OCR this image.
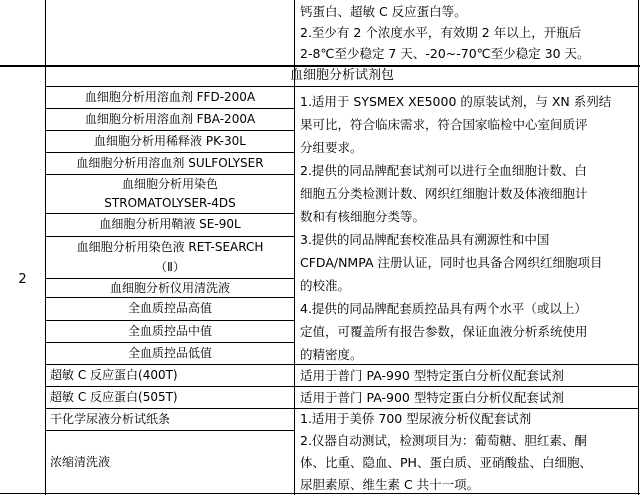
钙蛋白、超敏 C 反应蛋白等。
2.至少有 2 个浓度水平，有效期 2 年以上，开瓶后
2-8℃至少稳定 7 天、-20~-70℃至少稳定 30 天。
2
血细胞分析试剂包
血细胞分析用溶血剂 FFD-200A
血细胞分析用溶血剂 FBA-200A
血细胞分析用稀释液 PK-30L
血细胞分析用溶血剂 SULFOLYSER
血细胞分析用染色
STROMATOLYSER-4DS
血细胞分析用鞘液 SE-90L
血细胞分析用染色液 RET-SEARCH
（Ⅱ）
血细胞分析仪用清洗液
全血质控品高值
全血质控品中值
全血质控品低值
1.适用于 SYSMEX XE5000 的原装试剂，与 XN 系列结
果可比，符合临床需求，符合国家临检中心室间质评
分组要求。
2.提供的同品牌配套试剂可以进行全血细胞计数、白
细胞五分类检测计数、网织红细胞计数及体液细胞计
数和有核细胞分类等。
3.提供的同品牌配套校准品具有溯源性和中国
CFDA/NMPA 注册认证，同时也具备合网织红细胞项目
的校准。
4.提供的同品牌配套质控品具有两个水平（或以上）
定值，可覆盖所有报告参数，保证血液分析系统使用
的精密度。
超敏 C 反应蛋白(400T)	适用于普门 PA-990 型特定蛋白分析仪配套试剂
超敏 C 反应蛋白(505T)	适用于普门 PA-900 型特定蛋白分析仪配套试剂
干化学尿液分析试纸条
浓缩清洗液
1.适用于美侨 700 型尿液分析仪配套试剂
2.仪器自动测试，检测项目为：葡萄糖、胆红素、酮
体、比重、隐血、PH、蛋白质、亚硝酸盐、白细胞、
尿胆素原、维生素 C 共十一项。
